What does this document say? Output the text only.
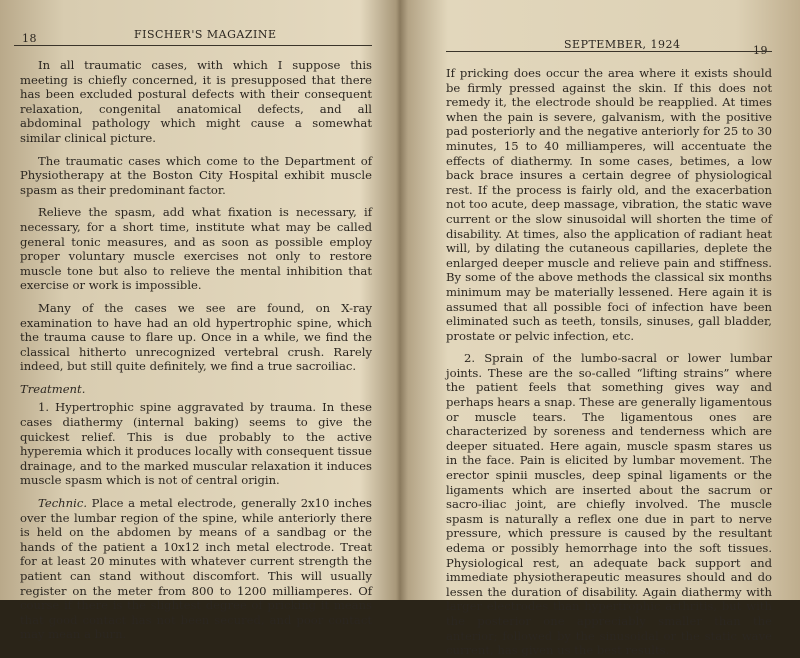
18	FISCHER'S MAGAZINE

In all traumatic cases, with which I suppose this meeting is chiefly concerned, it is presupposed that there has been excluded postural defects with their consequent relaxation, congenital anatomical defects, and all abdominal pathology which might cause a somewhat similar clinical picture.

The traumatic cases which come to the Department of Physiotherapy at the Boston City Hospital exhibit muscle spasm as their predominant factor.

Relieve the spasm, add what fixation is necessary, if necessary, for a short time, institute what may be called general tonic measures, and as soon as possible employ proper voluntary muscle exercises not only to restore muscle tone but also to relieve the mental inhibition that exercise or work is impossible.

Many of the cases we see are found, on X-ray examination to have had an old hypertrophic spine, which the trauma cause to flare up. Once in a while, we find the classical hitherto unrecognized vertebral crush. Rarely indeed, but still quite definitely, we find a true sacroiliac.

Treatment.

1. Hypertrophic spine aggravated by trauma. In these cases diathermy (internal baking) seems to give the quickest relief. This is due probably to the active hyperemia which it produces locally with consequent tissue drainage, and to the marked muscular relaxation it induces muscle spasm which is not of central origin.

Technic. Place a metal electrode, generally 2x10 inches over the lumbar region of the spine, while anteriorly there is held on the abdomen by means of a sandbag or the hands of the patient a 10x12 inch metal electrode. Treat for at least 20 minutes with whatever current strength the patient can stand without discomfort. This will usually register on the meter from 800 to 1200 milliamperes. Of course if there is the slightest degree of pricking it means that good contact has not been secured, and poor contact may mean a burn.

SEPTEMBER, 1924	19

If pricking does occur the area where it exists should be firmly pressed against the skin. If this does not remedy it, the electrode should be reapplied. At times when the pain is severe, galvanism, with the positive pad posteriorly and the negative anteriorly for 25 to 30 minutes, 15 to 40 milliamperes, will accentuate the effects of diathermy. In some cases, betimes, a low back brace insures a certain degree of physiological rest. If the process is fairly old, and the exacerbation not too acute, deep massage, vibration, the static wave current or the slow sinusoidal will shorten the time of disability. At times, also the application of radiant heat will, by dilating the cutaneous capillaries, deplete the enlarged deeper muscle and relieve pain and stiffness. By some of the above methods the classical six months minimum may be materially lessened. Here again it is assumed that all possible foci of infection have been eliminated such as teeth, tonsils, sinuses, gall bladder, prostate or pelvic infection, etc.

2. Sprain of the lumbo-sacral or lower lumbar joints. These are the so-called “lifting strains” where the patient feels that something gives way and perhaps hears a snap. These are generally ligamentous or muscle tears. The ligamentous ones are characterized by soreness and tenderness which are deeper situated. Here again, muscle spasm stares us in the face. Pain is elicited by lumbar movement. The erector spinii muscles, deep spinal ligaments or the ligaments which are inserted about the sacrum or sacro-iliac joint, are chiefly involved. The muscle spasm is naturally a reflex one due in part to nerve pressure, which pressure is caused by the resultant edema or possibly hemorrhage into the soft tissues. Physiological rest, an adequate back support and immediate physiotherapeutic measures should and do lessen the duration of disability. Again diathermy with larger electrodes than hypertrophic arthritis, but with the posterior one appreciably smaller than the anterior; followed by the sinusoidal or the static wave current, has given us the best results.
